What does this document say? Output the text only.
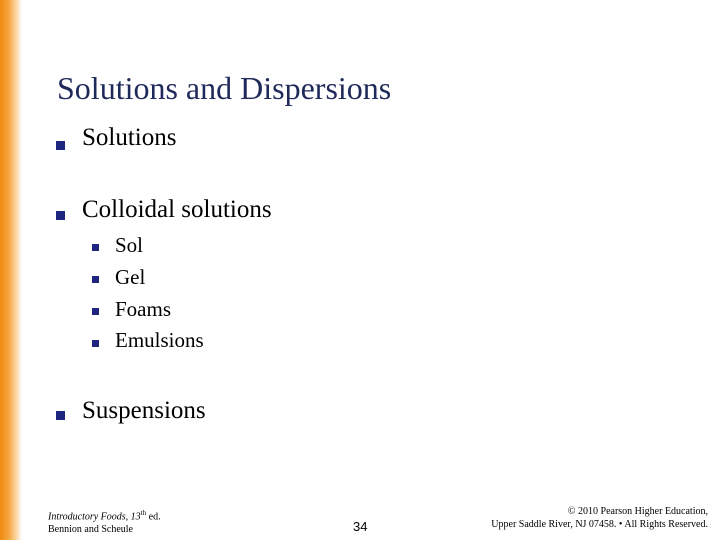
Solutions and Dispersions
Solutions
Colloidal solutions
Sol
Gel
Foams
Emulsions
Suspensions
Introductory Foods, 13th ed.
Bennion and Scheule	34
© 2010 Pearson Higher Education,
Upper Saddle River, NJ 07458. • All Rights Reserved.
